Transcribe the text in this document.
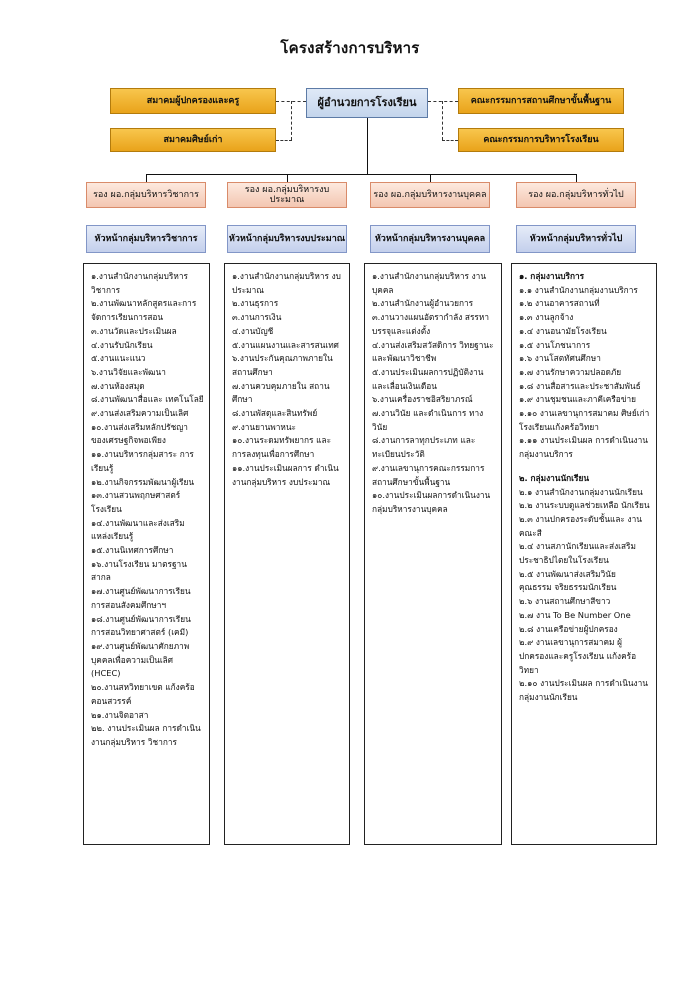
โครงสร้างการบริหาร
สมาคมผู้ปกครองและครู
สมาคมศิษย์เก่า
ผู้อำนวยการโรงเรียน	คณะกรรมการสถานศึกษาขั้นพื้นฐาน
คณะกรรมการบริหารโรงเรียน
รอง ผอ.กลุ่มบริหารวิชาการ
รอง ผอ.กลุ่มบริหารงบประมาณ
รอง ผอ.กลุ่มบริหารงานบุคคล	รอง ผอ.กลุ่มบริหารทั่วไป
หัวหน้ากลุ่มบริหารวิชาการ	หัวหน้ากลุ่มบริหารงบประมาณ	หัวหน้ากลุ่มบริหารงานบุคคล	หัวหน้ากลุ่มบริหารทั่วไป
๑.งานสำนักงานกลุ่มบริหาร วิชาการ
๒.งานพัฒนาหลักสูตรและการ จัดการเรียนการสอน
๓.งานวัดและประเมินผล
๔.งานรับนักเรียน
๕.งานแนะแนว
๖.งานวิจัยและพัฒนา
๗.งานห้องสมุด
๘.งานพัฒนาสื่อและ เทคโนโลยี
๙.งานส่งเสริมความเป็นเลิศ
๑๐.งานส่งเสริมหลักปรัชญา ของเศรษฐกิจพอเพียง
๑๑.งานบริหารกลุ่มสาระ การเรียนรู้
๑๒.งานกิจกรรมพัฒนาผู้เรียน
๑๓.งานสวนพฤกษศาสตร์ โรงเรียน
๑๔.งานพัฒนาและส่งเสริม แหล่งเรียนรู้
๑๕.งานนิเทศการศึกษา
๑๖.งานโรงเรียน มาตรฐานสากล
๑๗.งานศูนย์พัฒนาการเรียน การสอนสังคมศึกษาฯ
๑๘.งานศูนย์พัฒนาการเรียน การสอนวิทยาศาสตร์ (เคมี)
๑๙.งานศูนย์พัฒนาศักยภาพ บุคคลเพื่อความเป็นเลิศ (HCEC)
๒๐.งานสหวิทยาเขต แก้งคร้อ คอนสวรรค์
๒๑.งานจิตอาสา
๒๒. งานประเมินผล การดำเนินงานกลุ่มบริหาร วิชาการ
๑.งานสำนักงานกลุ่มบริหาร งบประมาณ
๒.งานธุรการ
๓.งานการเงิน
๔.งานบัญชี
๕.งานแผนงานและสารสนเทศ
๖.งานประกันคุณภาพภายใน สถานศึกษา
๗.งานควบคุมภายใน สถานศึกษา
๘.งานพัสดุและสินทรัพย์
๙.งานยานพาหนะ
๑๐.งานระดมทรัพยากร และการลงทุนเพื่อการศึกษา
๑๑.งานประเมินผลการ ดำเนินงานกลุ่มบริหาร งบประมาณ
๑.งานสำนักงานกลุ่มบริหาร งานบุคคล
๒.งานสำนักงานผู้อำนวยการ
๓.งานวางแผนอัตรากำลัง สรรหา บรรจุและแต่งตั้ง
๔.งานส่งเสริมสวัสดิการ วิทยฐานะและพัฒนาวิชาชีพ
๕.งานประเมินผลการปฏิบัติงาน และเลื่อนเงินเดือน
๖.งานเครื่องราชอิสริยาภรณ์
๗.งานวินัย และดำเนินการ ทางวินัย
๘.งานการลาทุกประเภท และทะเบียนประวัติ
๙.งานเลขานุการคณะกรรมการ สถานศึกษาขั้นพื้นฐาน
๑๐.งานประเมินผลการดำเนินงาน กลุ่มบริหารงานบุคคล
๑. กลุ่มงานบริการ
๑.๑ งานสำนักงานกลุ่มงานบริการ
๑.๒ งานอาคารสถานที่
๑.๓ งานลูกจ้าง
๑.๔ งานอนามัยโรงเรียน
๑.๕ งานโภชนาการ
๑.๖ งานโสตทัศนศึกษา
๑.๗ งานรักษาความปลอดภัย
๑.๘ งานสื่อสารและประชาสัมพันธ์
๑.๙ งานชุมชนและภาคีเครือข่าย
๑.๑๐ งานเลขานุการสมาคม ศิษย์เก่าโรงเรียนแก้งคร้อวิทยา
๑.๑๑ งานประเมินผล การดำเนินงานกลุ่มงานบริการ
๒. กลุ่มงานนักเรียน
๒.๑ งานสำนักงานกลุ่มงานนักเรียน
๒.๒ งานระบบดูแลช่วยเหลือ นักเรียน
๒.๓ งานปกครองระดับชั้นและ งานคณะสี
๒.๔ งานสภานักเรียนและส่งเสริม ประชาธิปไตยในโรงเรียน
๒.๕ งานพัฒนาส่งเสริมวินัย คุณธรรม จริยธรรมนักเรียน
๒.๖ งานสถานศึกษาสีขาว
๒.๗ งาน To Be Number One
๒.๘ งานเครือข่ายผู้ปกครอง
๒.๙ งานเลขานุการสมาคม ผู้ปกครองและครูโรงเรียน แก้งคร้อวิทยา
๒.๑๐ งานประเมินผล การดำเนินงานกลุ่มงานนักเรียน
